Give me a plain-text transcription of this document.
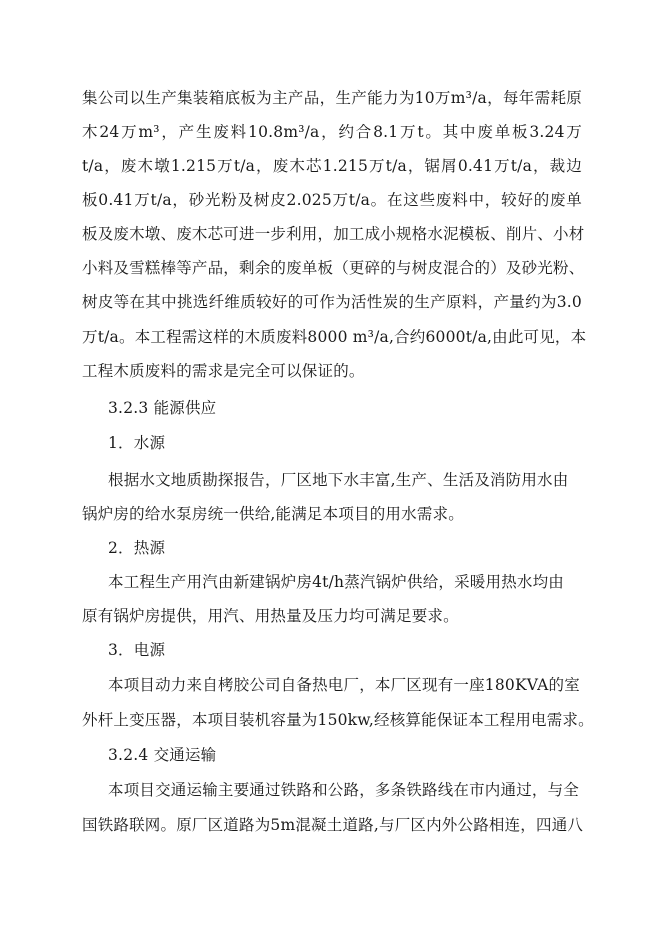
集公司以生产集装箱底板为主产品，生产能力为10万m³/a，每年需耗原
木24万m³，产生废料10.8m³/a，约合8.1万t。其中废单板3.24万
t/a，废木墩1.215万t/a，废木芯1.215万t/a，锯屑0.41万t/a，裁边
板0.41万t/a，砂光粉及树皮2.025万t/a。在这些废料中，较好的废单
板及废木墩、废木芯可进一步利用，加工成小规格水泥模板、削片、小材
小料及雪糕棒等产品，剩余的废单板（更碎的与树皮混合的）及砂光粉、
树皮等在其中挑选纤维质较好的可作为活性炭的生产原料，产量约为3.0
万t/a。本工程需这样的木质废料8000 m³/a,合约6000t/a,由此可见，本
工程木质废料的需求是完全可以保证的。
3.2.3 能源供应
1．水源
根据水文地质勘探报告，厂区地下水丰富,生产、生活及消防用水由
锅炉房的给水泵房统一供给,能满足本项目的用水需求。
2．热源
本工程生产用汽由新建锅炉房4t/h蒸汽锅炉供给，采暖用热水均由
原有锅炉房提供，用汽、用热量及压力均可满足要求。
3．电源
本项目动力来自栲胶公司自备热电厂，本厂区现有一座180KVA的室
外杆上变压器，本项目装机容量为150kw,经核算能保证本工程用电需求。
3.2.4 交通运输
本项目交通运输主要通过铁路和公路，多条铁路线在市内通过，与全
国铁路联网。原厂区道路为5m混凝土道路,与厂区内外公路相连，四通八
